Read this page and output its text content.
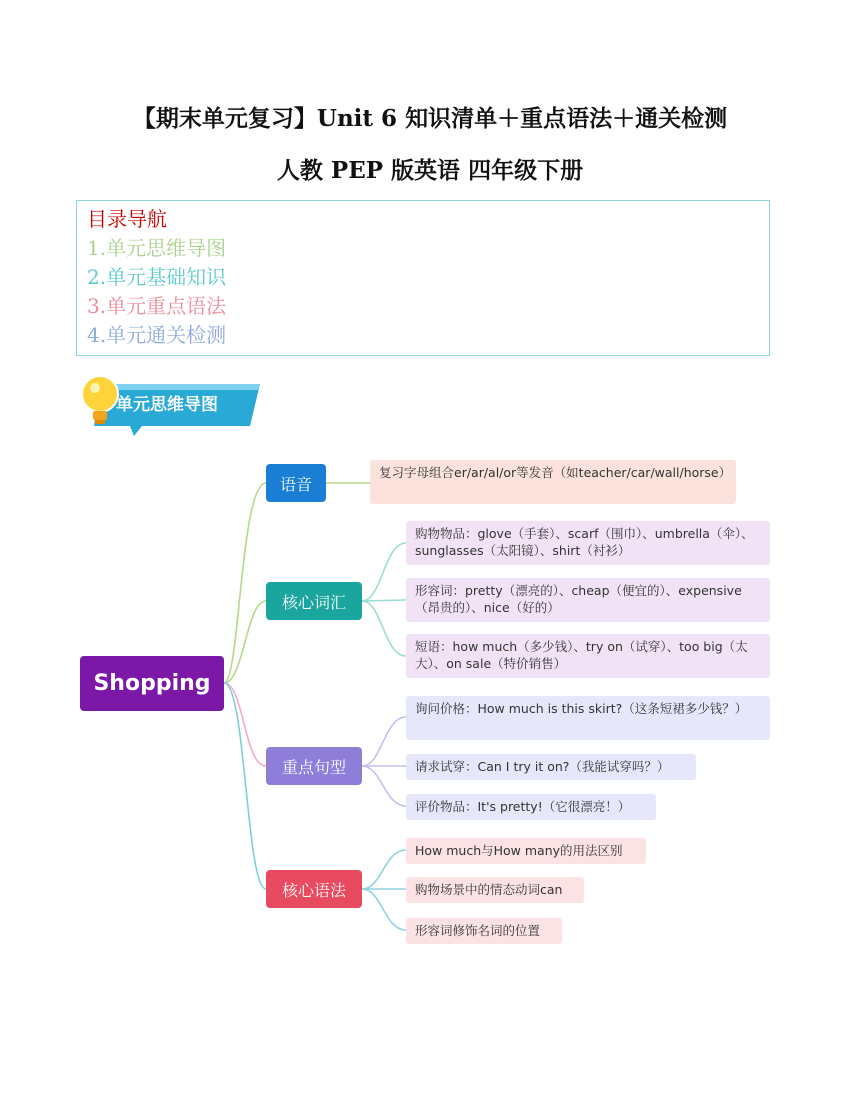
【期末单元复习】Unit 6 知识清单＋重点语法＋通关检测
人教 PEP 版英语 四年级下册
目录导航
1.单元思维导图
2.单元基础知识
3.单元重点语法
4.单元通关检测
单元思维导图
Shopping
语音
核心词汇
重点句型
核心语法
复习字母组合er/ar/al/or等发音（如teacher/car/wall/horse）
购物物品：glove（手套）、scarf（围巾）、umbrella（伞）、sunglasses（太阳镜）、shirt（衬衫）
形容词：pretty（漂亮的）、cheap（便宜的）、expensive（昂贵的）、nice（好的）
短语：how much（多少钱）、try on（试穿）、too big（太大）、on sale（特价销售）
询问价格：How much is this skirt?（这条短裙多少钱？）
请求试穿：Can I try it on?（我能试穿吗？）
评价物品：It's pretty!（它很漂亮！）
How much与How many的用法区别
购物场景中的情态动词can
形容词修饰名词的位置
